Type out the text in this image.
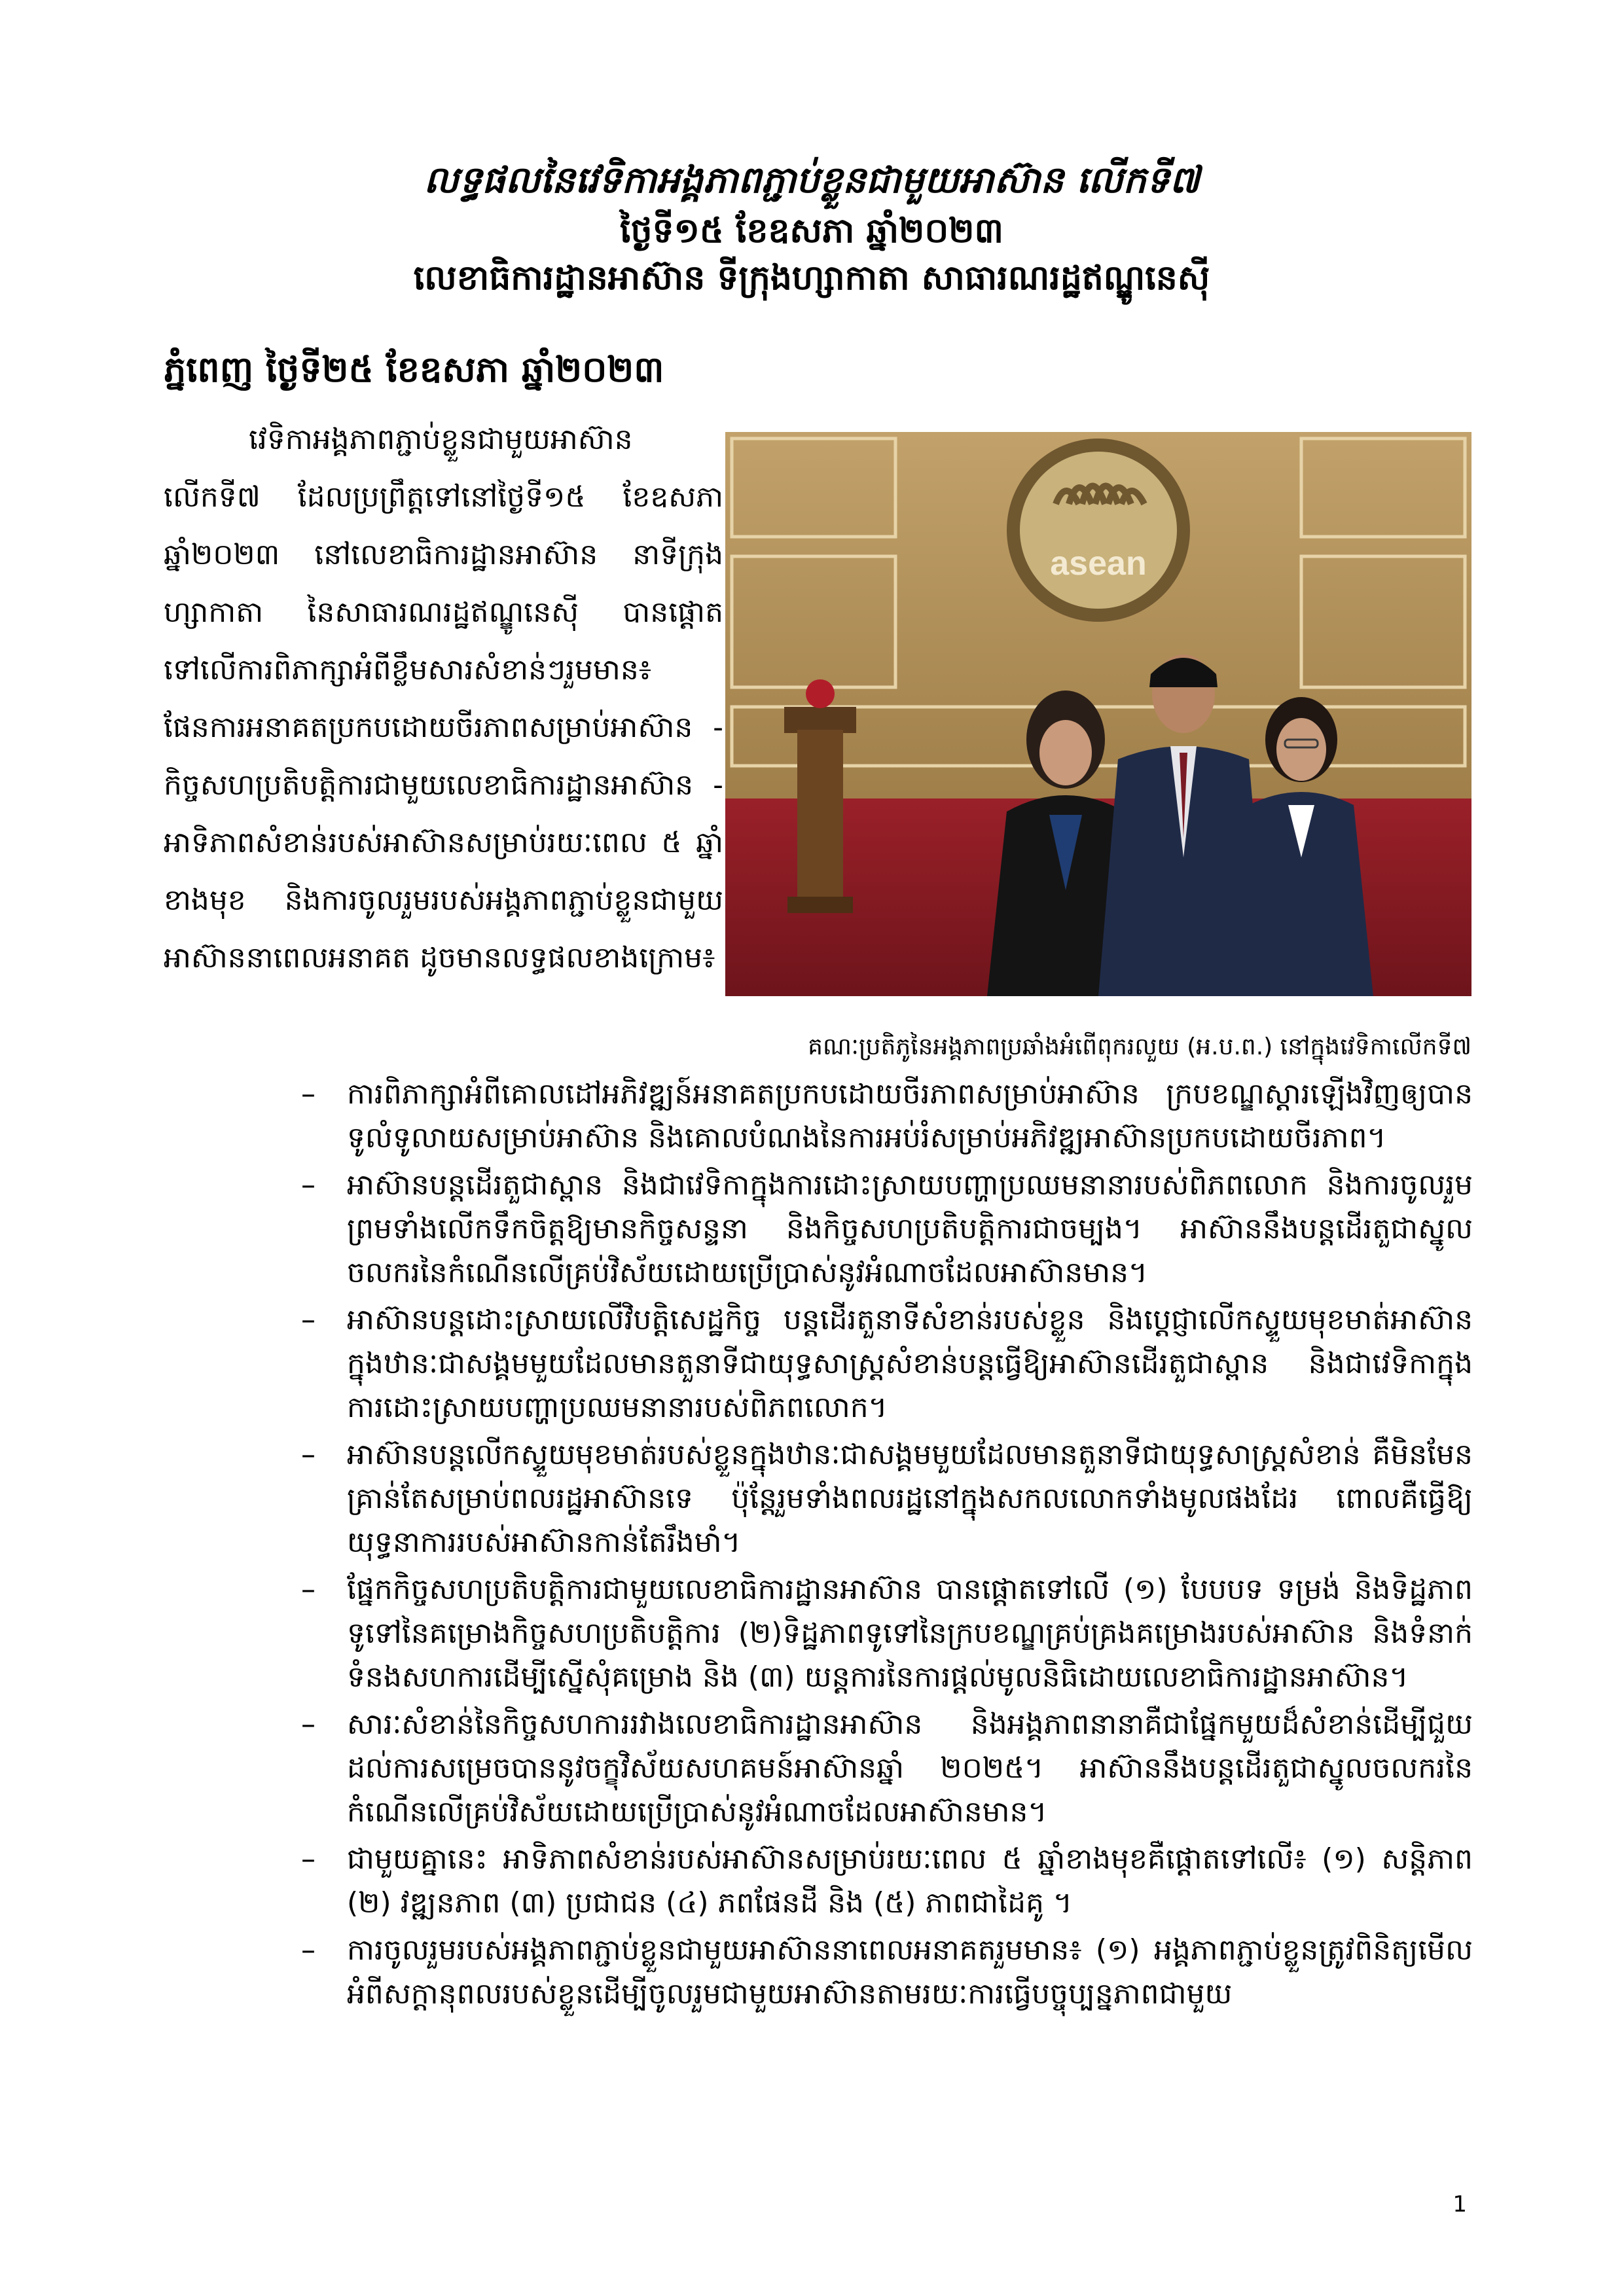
លទ្ធផលនៃវេទិកាអង្គភាពភ្ជាប់ខ្លួនជាមួយអាស៊ាន លើកទី៧

ថ្ងៃទី១៥ ខែឧសភា ឆ្នាំ២០២៣

លេខាធិការដ្ឋានអាស៊ាន ទីក្រុងហ្សាកាតា សាធារណរដ្ឋឥណ្ឌូនេស៊ី

ភ្នំពេញ ថ្ងៃទី២៥ ខែឧសភា ឆ្នាំ២០២៣

វេទិកាអង្គភាពភ្ជាប់ខ្លួនជាមួយអាស៊ាន លើកទី៧ ដែលប្រព្រឹត្តទៅនៅថ្ងៃទី១៥ ខែឧសភា ឆ្នាំ២០២៣ នៅលេខាធិការដ្ឋានអាស៊ាន នាទីក្រុងហ្សាកាតា នៃសាធារណរដ្ឋឥណ្ឌូនេស៊ី បានផ្តោតទៅលើការពិភាក្សាអំពីខ្លឹមសារសំខាន់ៗរួមមាន៖ ផែនការអនាគតប្រកបដោយចីរភាពសម្រាប់អាស៊ាន - កិច្ចសហប្រតិបត្តិការជាមួយលេខាធិការដ្ឋានអាស៊ាន - អាទិភាពសំខាន់របស់អាស៊ានសម្រាប់រយៈពេល ៥ ឆ្នាំខាងមុខ និងការចូលរួមរបស់អង្គភាពភ្ជាប់ខ្លួនជាមួយអាស៊ាននាពេលអនាគត ដូចមានលទ្ធផលខាងក្រោម៖

asean

គណៈប្រតិភូនៃអង្គភាពប្រឆាំងអំពើពុករលួយ (អ.ប.ព.) នៅក្នុងវេទិកាលើកទី៧

– ការពិភាក្សាអំពីគោលដៅអភិវឌ្ឍន៍អនាគតប្រកបដោយចីរភាពសម្រាប់អាស៊ាន ក្របខណ្ឌស្តារឡើងវិញឲ្យបានទូលំទូលាយសម្រាប់អាស៊ាន និងគោលបំណងនៃការអប់រំសម្រាប់អភិវឌ្ឍអាស៊ានប្រកបដោយចីរភាព។
– អាស៊ានបន្តដើរតួជាស្ពាន និងជាវេទិកាក្នុងការដោះស្រាយបញ្ហាប្រឈមនានារបស់ពិភពលោក និងការចូលរួមព្រមទាំងលើកទឹកចិត្តឱ្យមានកិច្ចសន្ទនា និងកិច្ចសហប្រតិបត្តិការជាចម្បង។ អាស៊ាននឹងបន្តដើរតួជាស្នូលចលករនៃកំណើនលើគ្រប់វិស័យដោយប្រើប្រាស់នូវអំណាចដែលអាស៊ានមាន។
– អាស៊ានបន្តដោះស្រាយលើវិបត្តិសេដ្ឋកិច្ច បន្តដើរតួនាទីសំខាន់របស់ខ្លួន និងប្តេជ្ញាលើកស្ទួយមុខមាត់អាស៊ានក្នុងឋានៈជាសង្គមមួយដែលមានតួនាទីជាយុទ្ធសាស្ត្រសំខាន់បន្តធ្វើឱ្យអាស៊ានដើរតួជាស្ពាន និងជាវេទិកាក្នុងការដោះស្រាយបញ្ហាប្រឈមនានារបស់ពិភពលោក។
– អាស៊ានបន្តលើកស្ទួយមុខមាត់របស់ខ្លួនក្នុងឋានៈជាសង្គមមួយដែលមានតួនាទីជាយុទ្ធសាស្ត្រសំខាន់ គឺមិនមែនគ្រាន់តែសម្រាប់ពលរដ្ឋអាស៊ានទេ ប៉ុន្តែរួមទាំងពលរដ្ឋនៅក្នុងសកលលោកទាំងមូលផងដែរ ពោលគឺធ្វើឱ្យយុទ្ធនាការរបស់អាស៊ានកាន់តែរឹងមាំ។
– ផ្នែកកិច្ចសហប្រតិបត្តិការជាមួយលេខាធិការដ្ឋានអាស៊ាន បានផ្តោតទៅលើ (១) បែបបទ ទម្រង់ និងទិដ្ឋភាពទូទៅនៃគម្រោងកិច្ចសហប្រតិបត្តិការ (២)ទិដ្ឋភាពទូទៅនៃក្របខណ្ឌគ្រប់គ្រងគម្រោងរបស់អាស៊ាន និងទំនាក់ទំនងសហការដើម្បីស្នើសុំគម្រោង និង (៣) យន្តការនៃការផ្តល់មូលនិធិដោយលេខាធិការដ្ឋានអាស៊ាន។
– សារៈសំខាន់នៃកិច្ចសហការរវាងលេខាធិការដ្ឋានអាស៊ាន និងអង្គភាពនានាគឺជាផ្នែកមួយដ៏សំខាន់ដើម្បីជួយដល់ការសម្រេចបាននូវចក្ខុវិស័យសហគមន៍អាស៊ានឆ្នាំ ២០២៥។ អាស៊ាននឹងបន្តដើរតួជាស្នូលចលករនៃកំណើនលើគ្រប់វិស័យដោយប្រើប្រាស់នូវអំណាចដែលអាស៊ានមាន។
– ជាមួយគ្នានេះ អាទិភាពសំខាន់របស់អាស៊ានសម្រាប់រយៈពេល ៥ ឆ្នាំខាងមុខគឺផ្តោតទៅលើ៖ (១) សន្តិភាព (២) វឌ្ឍនភាព (៣) ប្រជាជន (៤) ភពផែនដី និង (៥) ភាពជាដៃគូ ។
– ការចូលរួមរបស់អង្គភាពភ្ជាប់ខ្លួនជាមួយអាស៊ាននាពេលអនាគតរួមមាន៖ (១) អង្គភាពភ្ជាប់ខ្លួនត្រូវពិនិត្យមើលអំពីសក្តានុពលរបស់ខ្លួនដើម្បីចូលរួមជាមួយអាស៊ានតាមរយៈការធ្វើបច្ចុប្បន្នភាពជាមួយ
1
